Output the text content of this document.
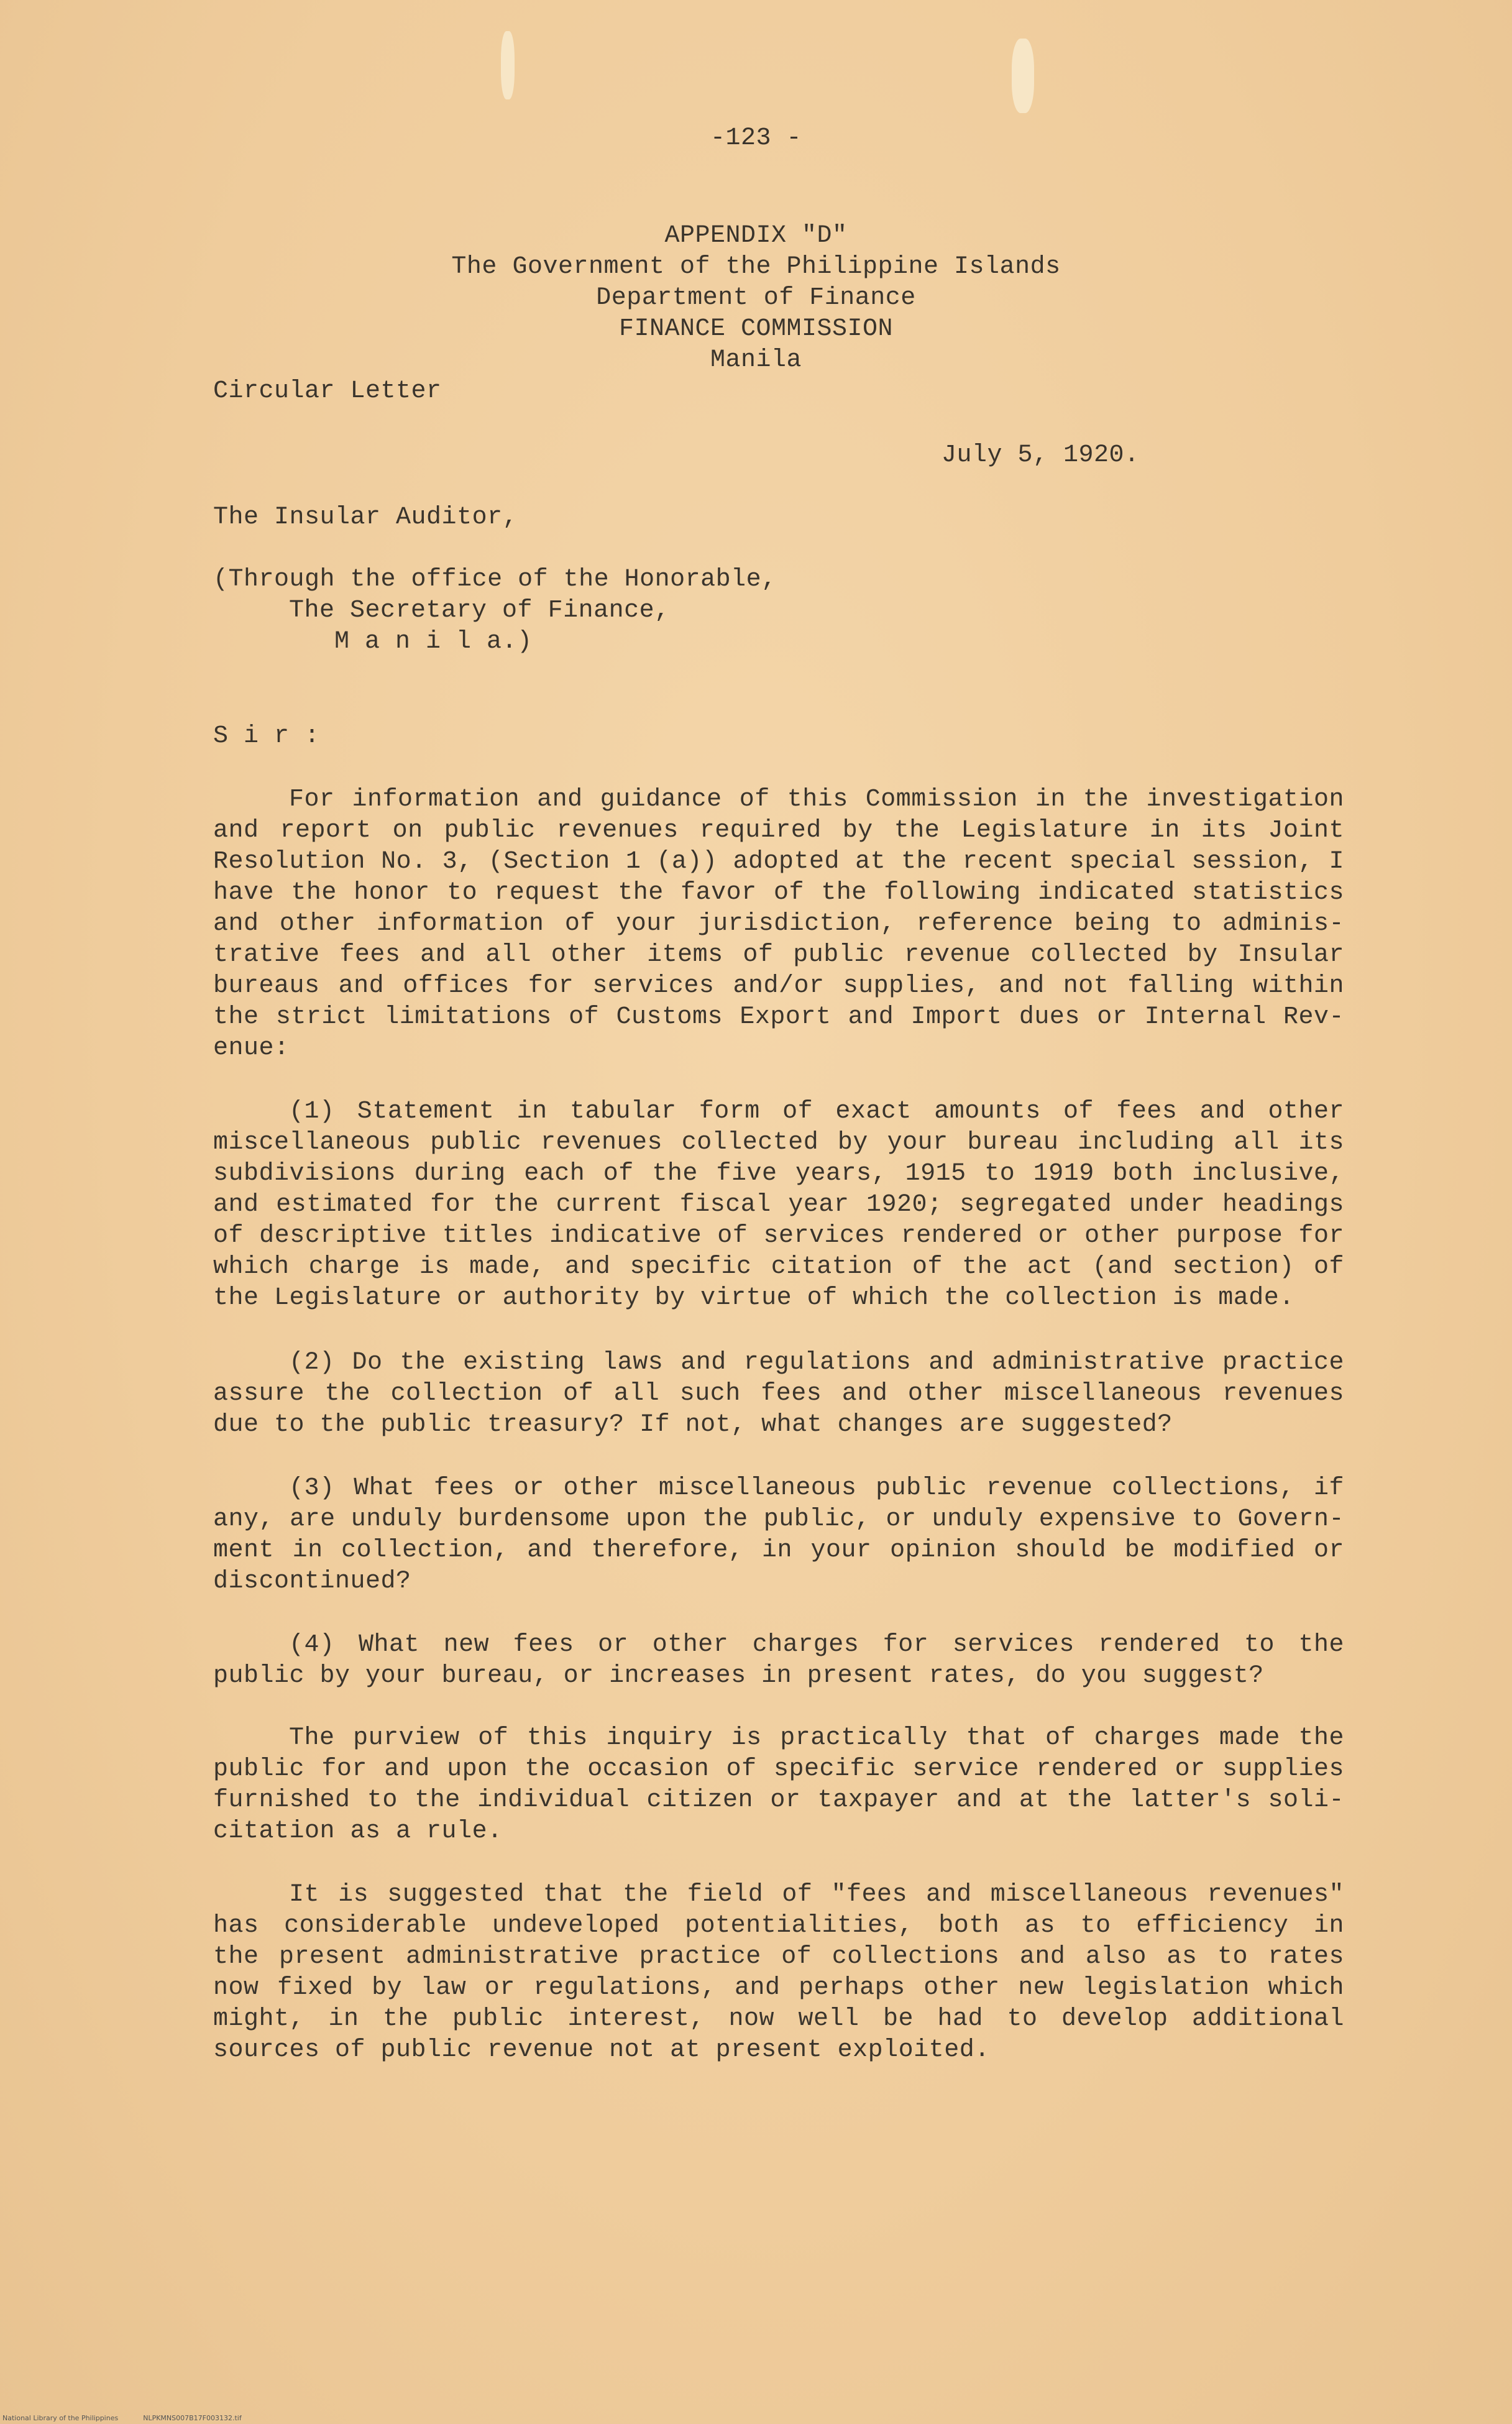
-123 -
APPENDIX "D"
The Government of the Philippine Islands
Department of Finance
FINANCE COMMISSION
Manila
Circular Letter
July 5, 1920.
The Insular Auditor,
(Through the office of the Honorable,
The Secretary of Finance,
M a n i l a.)
S i r :
For information and guidance of this Commission in the investigation
and report on public revenues required by the Legislature in its Joint
Resolution No. 3, (Section 1 (a)) adopted at the recent special session, I
have the honor to request the favor of the following indicated statistics
and other information of your jurisdiction, reference being to adminis-
trative fees and all other items of public revenue collected by Insular
bureaus and offices for services and/or supplies, and not falling within
the strict limitations of Customs Export and Import dues or Internal Rev-
enue:
(1) Statement in tabular form of exact amounts of fees and other
miscellaneous public revenues collected by your bureau including all its
subdivisions during each of the five years, 1915 to 1919 both inclusive,
and estimated for the current fiscal year 1920; segregated under headings
of descriptive titles indicative of services rendered or other purpose for
which charge is made, and specific citation of the act (and section) of
the Legislature or authority by virtue of which the collection is made.
(2) Do the existing laws and regulations and administrative practice
assure the collection of all such fees and other miscellaneous revenues
due to the public treasury? If not, what changes are suggested?
(3) What fees or other miscellaneous public revenue collections, if
any, are unduly burdensome upon the public, or unduly expensive to Govern-
ment in collection, and therefore, in your opinion should be modified or
discontinued?
(4) What new fees or other charges for services rendered to the
public by your bureau, or increases in present rates, do you suggest?
The purview of this inquiry is practically that of charges made the
public for and upon the occasion of specific service rendered or supplies
furnished to the individual citizen or taxpayer and at the latter's soli-
citation as a rule.
It is suggested that the field of "fees and miscellaneous revenues"
has considerable undeveloped potentialities, both as to efficiency in
the present administrative practice of collections and also as to rates
now fixed by law or regulations, and perhaps other new legislation which
might, in the public interest, now well be had to develop additional
sources of public revenue not at present exploited.
National Library of the Philippines	NLPKMNS007B17F003132.tif
